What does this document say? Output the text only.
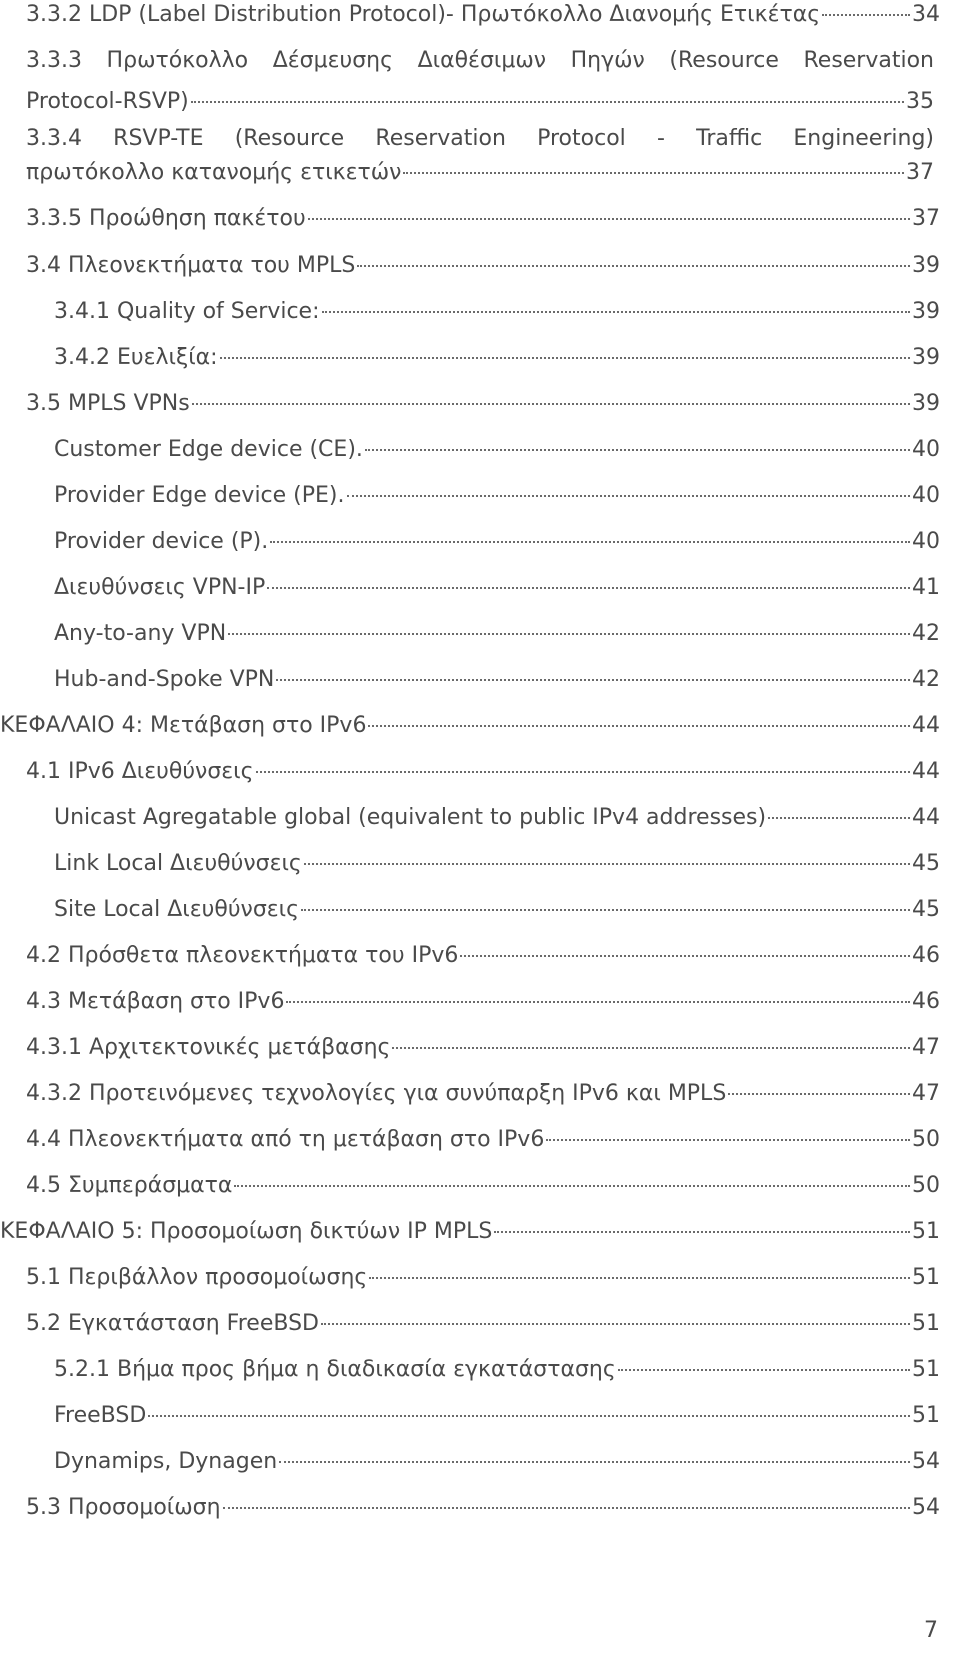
3.3.2 LDP (Label Distribution Protocol)- Πρωτόκολλο Διανομής Ετικέτας	34
3.3.3 Πρωτόκολλο Δέσμευσης Διαθέσιμων Πηγών (Resource Reservation
Protocol-RSVP)	35
3.3.4 RSVP-TE (Resource Reservation Protocol - Traffic Engineering)
πρωτόκολλο κατανομής ετικετών	37
3.3.5 Προώθηση πακέτου	37
3.4 Πλεονεκτήματα του MPLS	39
3.4.1 Quality of Service:	39
3.4.2 Ευελιξία:	39
3.5 MPLS VPNs	39
Customer Edge device (CE).	40
Provider Edge device (PE).	40
Provider device (P).	40
Διευθύνσεις VPN-IP	41
Any-to-any VPN	42
Hub-and-Spoke VPN	42
ΚΕΦΑΛΑΙΟ 4: Μετάβαση στο IPv6	44
4.1 IPv6 Διευθύνσεις	44
Unicast Agregatable global (equivalent to public IPv4 addresses)	44
Link Local Διευθύνσεις	45
Site Local Διευθύνσεις	45
4.2 Πρόσθετα πλεονεκτήματα του IPv6	46
4.3 Μετάβαση στο IPv6	46
4.3.1 Αρχιτεκτονικές μετάβασης	47
4.3.2 Προτεινόμενες τεχνολογίες για συνύπαρξη IPv6 και MPLS	47
4.4 Πλεονεκτήματα από τη μετάβαση στο IPv6	50
4.5 Συμπεράσματα	50
ΚΕΦΑΛΑΙΟ 5: Προσομοίωση δικτύων IP MPLS	51
5.1 Περιβάλλον προσομοίωσης	51
5.2 Εγκατάσταση FreeBSD	51
5.2.1 Βήμα προς βήμα η διαδικασία εγκατάστασης	51
FreeBSD	51
Dynamips, Dynagen	54
5.3 Προσομοίωση	54
7
